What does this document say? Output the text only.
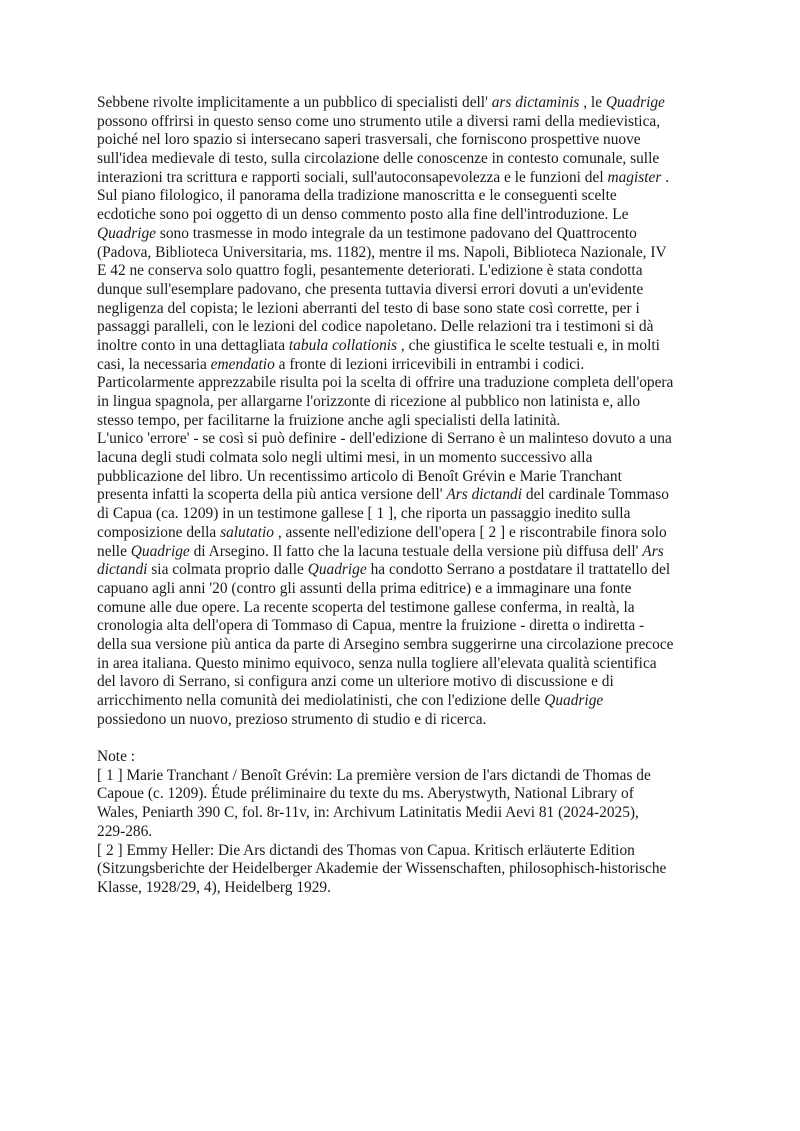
Sebbene rivolte implicitamente a un pubblico di specialisti dell' ars dictaminis , le Quadrige
possono offrirsi in questo senso come uno strumento utile a diversi rami della medievistica,
poiché nel loro spazio si intersecano saperi trasversali, che forniscono prospettive nuove
sull'idea medievale di testo, sulla circolazione delle conoscenze in contesto comunale, sulle
interazioni tra scrittura e rapporti sociali, sull'autoconsapevolezza e le funzioni del magister .
Sul piano filologico, il panorama della tradizione manoscritta e le conseguenti scelte
ecdotiche sono poi oggetto di un denso commento posto alla fine dell'introduzione. Le
Quadrige sono trasmesse in modo integrale da un testimone padovano del Quattrocento
(Padova, Biblioteca Universitaria, ms. 1182), mentre il ms. Napoli, Biblioteca Nazionale, IV
E 42 ne conserva solo quattro fogli, pesantemente deteriorati. L'edizione è stata condotta
dunque sull'esemplare padovano, che presenta tuttavia diversi errori dovuti a un'evidente
negligenza del copista; le lezioni aberranti del testo di base sono state così corrette, per i
passaggi paralleli, con le lezioni del codice napoletano. Delle relazioni tra i testimoni si dà
inoltre conto in una dettagliata tabula collationis , che giustifica le scelte testuali e, in molti
casi, la necessaria emendatio a fronte di lezioni irricevibili in entrambi i codici.
Particolarmente apprezzabile risulta poi la scelta di offrire una traduzione completa dell'opera
in lingua spagnola, per allargarne l'orizzonte di ricezione al pubblico non latinista e, allo
stesso tempo, per facilitarne la fruizione anche agli specialisti della latinità.
L'unico 'errore' - se così si può definire - dell'edizione di Serrano è un malinteso dovuto a una
lacuna degli studi colmata solo negli ultimi mesi, in un momento successivo alla
pubblicazione del libro. Un recentissimo articolo di Benoît Grévin e Marie Tranchant
presenta infatti la scoperta della più antica versione dell' Ars dictandi del cardinale Tommaso
di Capua (ca. 1209) in un testimone gallese [ 1 ], che riporta un passaggio inedito sulla
composizione della salutatio , assente nell'edizione dell'opera [ 2 ] e riscontrabile finora solo
nelle Quadrige di Arsegino. Il fatto che la lacuna testuale della versione più diffusa dell' Ars
dictandi sia colmata proprio dalle Quadrige ha condotto Serrano a postdatare il trattatello del
capuano agli anni '20 (contro gli assunti della prima editrice) e a immaginare una fonte
comune alle due opere. La recente scoperta del testimone gallese conferma, in realtà, la
cronologia alta dell'opera di Tommaso di Capua, mentre la fruizione - diretta o indiretta -
della sua versione più antica da parte di Arsegino sembra suggerirne una circolazione precoce
in area italiana. Questo minimo equivoco, senza nulla togliere all'elevata qualità scientifica
del lavoro di Serrano, si configura anzi come un ulteriore motivo di discussione e di
arricchimento nella comunità dei mediolatinisti, che con l'edizione delle Quadrige
possiedono un nuovo, prezioso strumento di studio e di ricerca.
Note :
[ 1 ] Marie Tranchant / Benoît Grévin: La première version de l'ars dictandi de Thomas de
Capoue (c. 1209). Étude préliminaire du texte du ms. Aberystwyth, National Library of
Wales, Peniarth 390 C, fol. 8r-11v, in: Archivum Latinitatis Medii Aevi 81 (2024-2025),
229-286.
[ 2 ] Emmy Heller: Die Ars dictandi des Thomas von Capua. Kritisch erläuterte Edition
(Sitzungsberichte der Heidelberger Akademie der Wissenschaften, philosophisch-historische
Klasse, 1928/29, 4), Heidelberg 1929.
